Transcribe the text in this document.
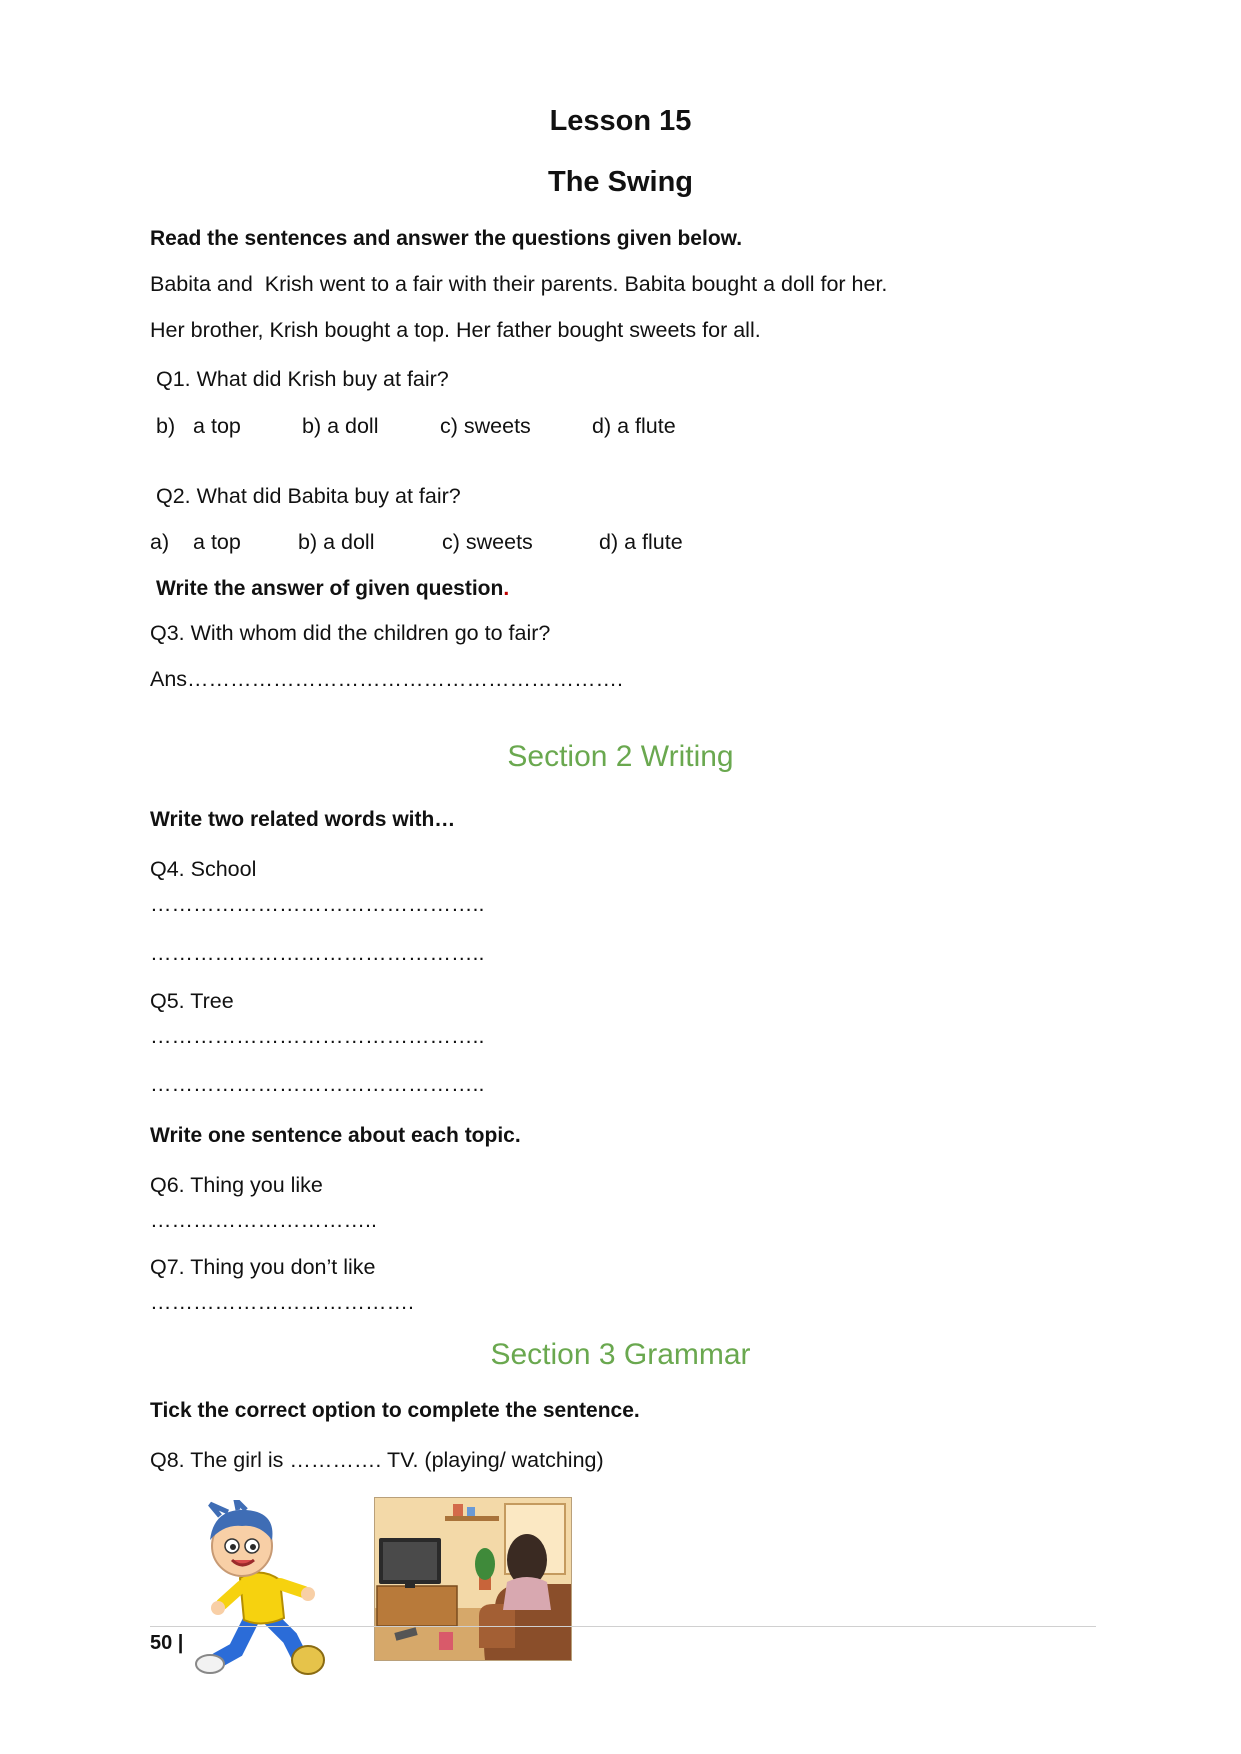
Lesson 15
The Swing

Read the sentences and answer the questions given below.

Babita and  Krish went to a fair with their parents. Babita bought a doll for her.

Her brother, Krish bought a top. Her father bought sweets for all.

Q1. What did Krish buy at fair?

b)   a top	b) a doll	c) sweets	d) a flute

Q2. What did Babita buy at fair?

a)    a top	b) a doll	c) sweets	d) a flute

Write the answer of given question.

Q3. With whom did the children go to fair?

Ans…………………………………………………….

Section 2 Writing

Write two related words with…

Q4. School

………………………………………..

………………………………………..

Q5. Tree

………………………………………..

………………………………………..

Write one sentence about each topic.

Q6. Thing you like

…………………………..

Q7. Thing you don’t like

……………………………….

Section 3 Grammar

Tick the correct option to complete the sentence.

Q8. The girl is …………. TV. (playing/ watching)

50 |
